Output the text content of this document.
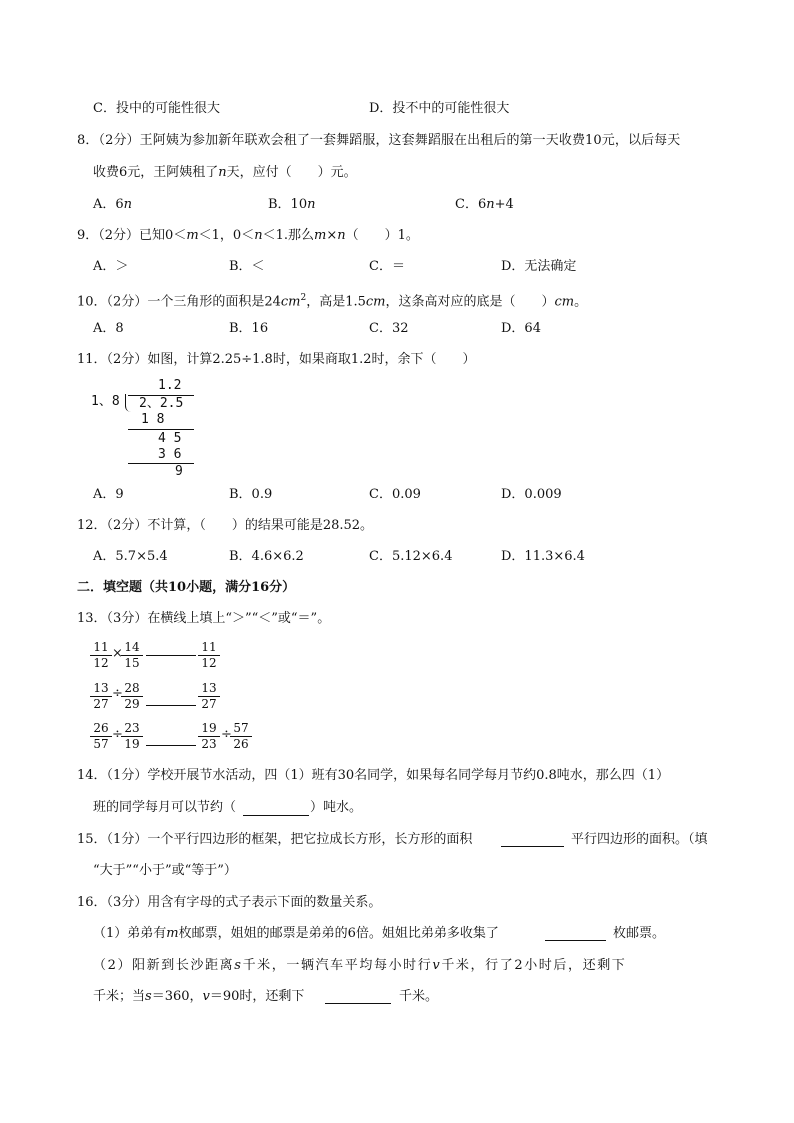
C．投中的可能性很大	D．投不中的可能性很大
8．（2分）王阿姨为参加新年联欢会租了一套舞蹈服，这套舞蹈服在出租后的第一天收费10元，以后每天
收费6元，王阿姨租了n天，应付（　　）元。
A．6n	B．10n	C．6n+4
9．（2分）已知0＜m＜1，0＜n＜1.那么m×n（　　）1。
A．＞	B．＜	C．＝	D．无法确定
10．（2分）一个三角形的面积是$24cm^2$，高是1.5cm，这条高对应的底是（　　）cm。
A．8	B．16	C．32	D．64
11．（2分）如图，计算2.25÷1.8时，如果商取1.2时，余下（　　）
1.2
1、8 2、2.5
1 8
4 5
3 6
9
A．9	B．0.9	C．0.09	D．0.009
12．（2分）不计算，（　　）的结果可能是28.52。
A．5.7×5.4	B．4.6×6.2	C．5.12×6.4	D．11.3×6.4
二．填空题（共10小题，满分16分）
13．（3分）在横线上填上“＞”“＜”或“＝”。
$\frac{11}{12}$ ×
$\frac{14}{15}$	$\frac{11}{12}$
$\frac{13}{27}$ ÷
$\frac{28}{29}$	$\frac{13}{27}$
$\frac{26}{57}$ ÷
$\frac{23}{19}$	$\frac{19}{23}$ ÷
$\frac{57}{26}$
14．（1分）学校开展节水活动，四（1）班有30名同学，如果每名同学每月节约0.8吨水，那么四（1）
班的同学每月可以节约（	）吨水。
15．（1分）一个平行四边形的框架，把它拉成长方形，长方形的面积	平行四边形的面积。（填
“大于”“小于”或“等于”）
16．（3分）用含有字母的式子表示下面的数量关系。
（1）弟弟有m枚邮票，姐姐的邮票是弟弟的6倍。姐姐比弟弟多收集了	枚邮票。
（2）阳新到长沙距离s千米，一辆汽车平均每小时行v千米，行了2小时后，还剩下
千米；当s＝360，v＝90时，还剩下	千米。
